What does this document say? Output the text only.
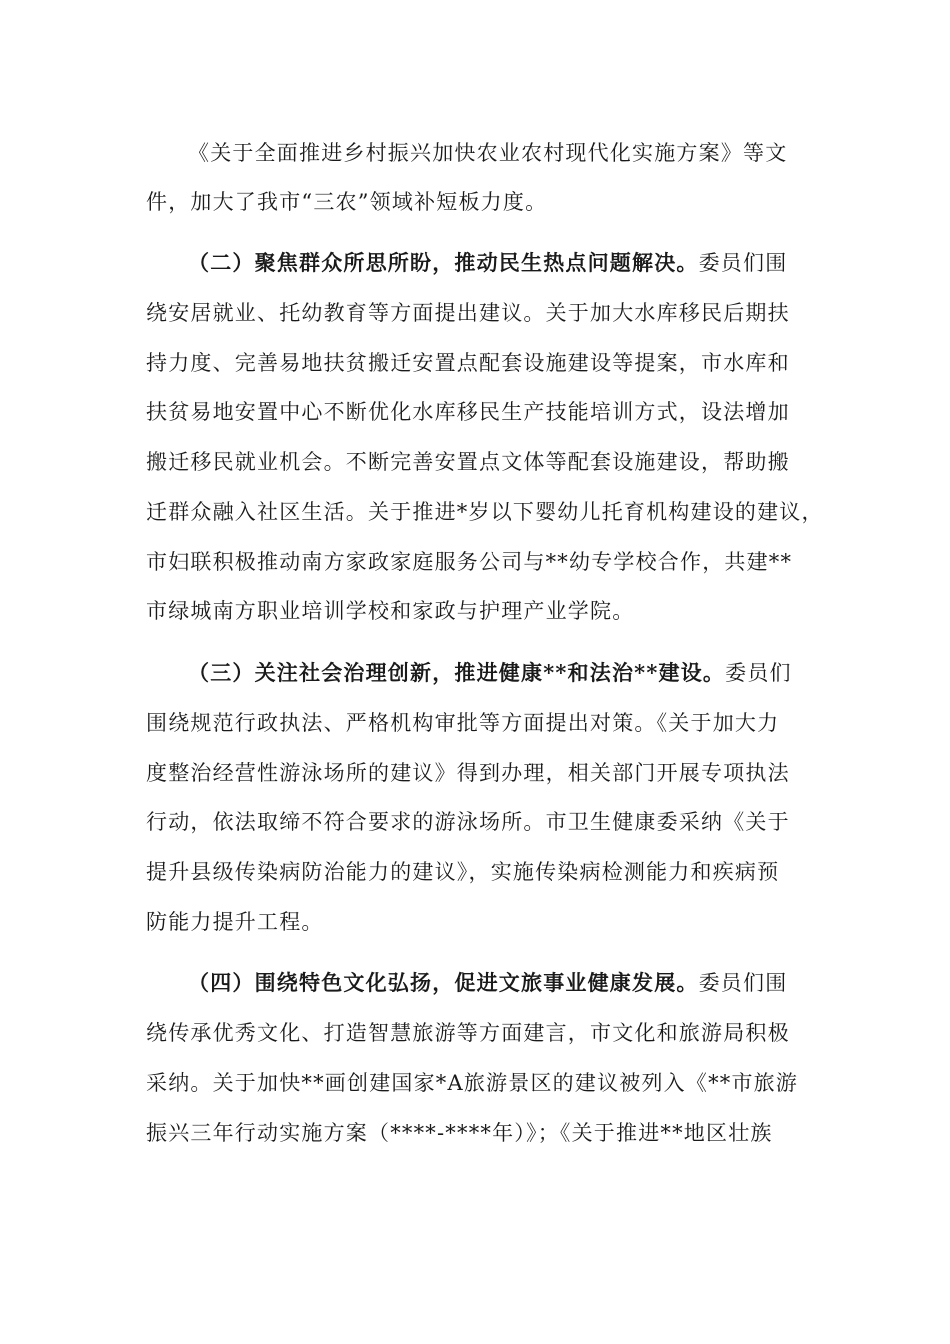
《关于全面推进乡村振兴加快农业农村现代化实施方案》等文
件，加大了我市“三农”领域补短板力度。
（二）聚焦群众所思所盼，推动民生热点问题解决。委员们围
绕安居就业、托幼教育等方面提出建议。关于加大水库移民后期扶
持力度、完善易地扶贫搬迁安置点配套设施建设等提案，市水库和
扶贫易地安置中心不断优化水库移民生产技能培训方式，设法增加
搬迁移民就业机会。不断完善安置点文体等配套设施建设，帮助搬
迁群众融入社区生活。关于推进*岁以下婴幼儿托育机构建设的建议，
市妇联积极推动南方家政家庭服务公司与**幼专学校合作，共建**
市绿城南方职业培训学校和家政与护理产业学院。
（三）关注社会治理创新，推进健康**和法治**建设。委员们
围绕规范行政执法、严格机构审批等方面提出对策。《关于加大力
度整治经营性游泳场所的建议》得到办理，相关部门开展专项执法
行动，依法取缔不符合要求的游泳场所。市卫生健康委采纳《关于
提升县级传染病防治能力的建议》，实施传染病检测能力和疾病预
防能力提升工程。
（四）围绕特色文化弘扬，促进文旅事业健康发展。委员们围
绕传承优秀文化、打造智慧旅游等方面建言，市文化和旅游局积极
采纳。关于加快**画创建国家*A旅游景区的建议被列入《**市旅游
振兴三年行动实施方案（****-****年）》；《关于推进**地区壮族
